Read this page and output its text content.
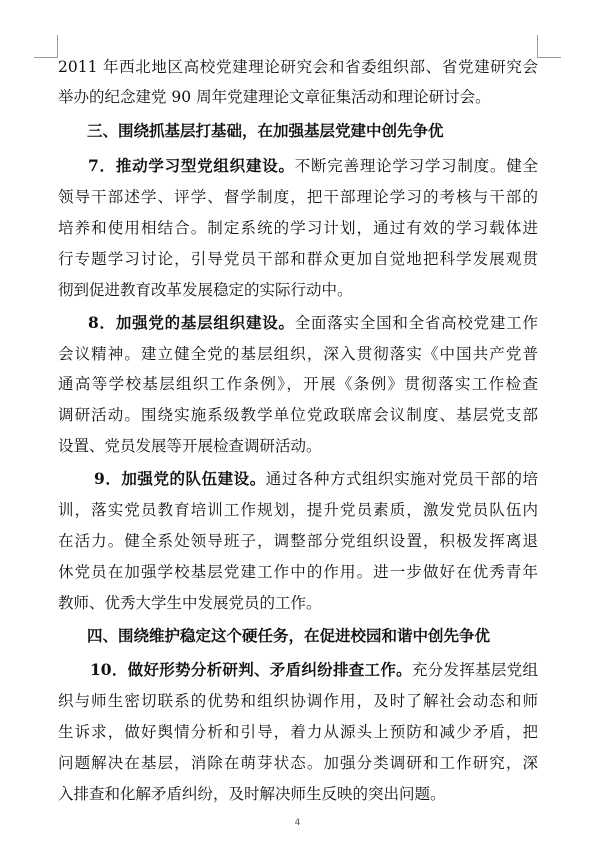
2011 年西北地区高校党建理论研究会和省委组织部、省党建研究会
举办的纪念建党 90 周年党建理论文章征集活动和理论研讨会。
三、围绕抓基层打基础，在加强基层党建中创先争优
7．推动学习型党组织建设。不断完善理论学习学习制度。健全
领导干部述学、评学、督学制度，把干部理论学习的考核与干部的
培养和使用相结合。制定系统的学习计划，通过有效的学习载体进
行专题学习讨论，引导党员干部和群众更加自觉地把科学发展观贯
彻到促进教育改革发展稳定的实际行动中。
8．加强党的基层组织建设。全面落实全国和全省高校党建工作
会议精神。建立健全党的基层组织，深入贯彻落实《中国共产党普
通高等学校基层组织工作条例》，开展《条例》贯彻落实工作检查
调研活动。围绕实施系级教学单位党政联席会议制度、基层党支部
设置、党员发展等开展检查调研活动。
9．加强党的队伍建设。通过各种方式组织实施对党员干部的培
训，落实党员教育培训工作规划，提升党员素质，激发党员队伍内
在活力。健全系处领导班子，调整部分党组织设置，积极发挥离退
休党员在加强学校基层党建工作中的作用。进一步做好在优秀青年
教师、优秀大学生中发展党员的工作。
四、围绕维护稳定这个硬任务，在促进校园和谐中创先争优
10．做好形势分析研判、矛盾纠纷排查工作。充分发挥基层党组
织与师生密切联系的优势和组织协调作用，及时了解社会动态和师
生诉求，做好舆情分析和引导，着力从源头上预防和减少矛盾，把
问题解决在基层，消除在萌芽状态。加强分类调研和工作研究，深
入排查和化解矛盾纠纷，及时解决师生反映的突出问题。
4
